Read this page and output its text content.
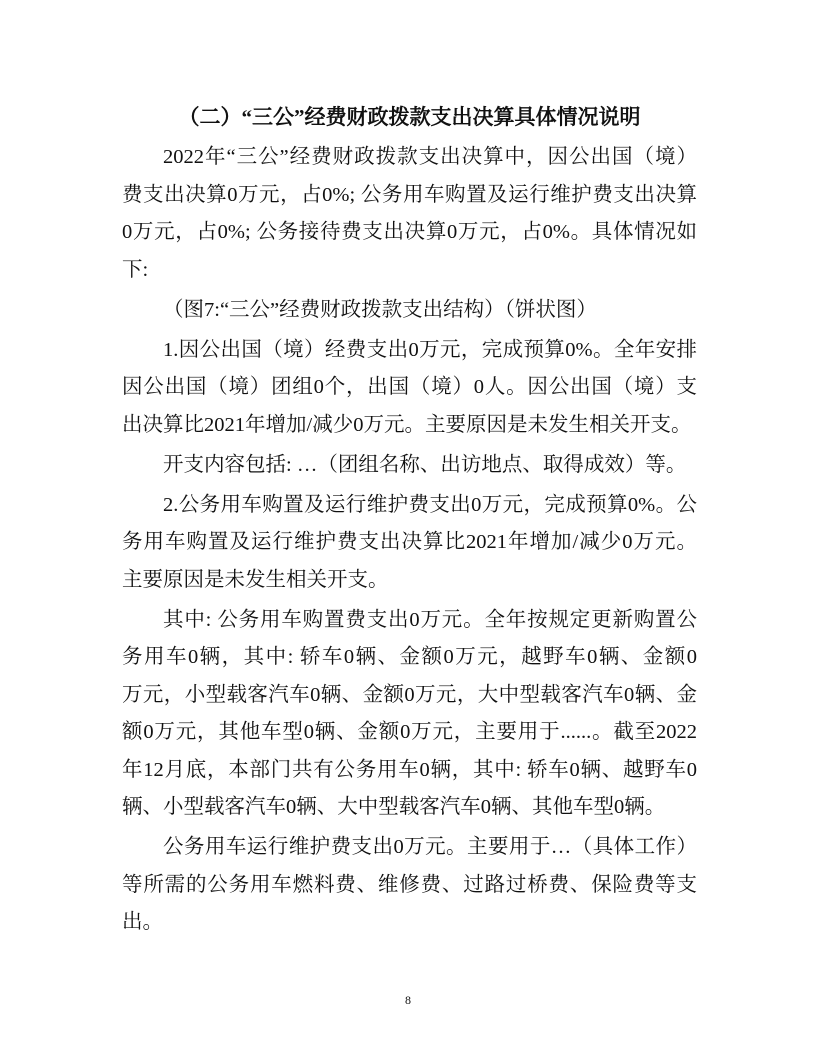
（二）“三公”经费财政拨款支出决算具体情况说明
2022年“三公”经费财政拨款支出决算中，因公出国（境）
费支出决算0万元，占0%; 公务用车购置及运行维护费支出决算
0万元，占0%; 公务接待费支出决算0万元，占0%。具体情况如
下:
（图7:“三公”经费财政拨款支出结构）（饼状图）
1.因公出国（境）经费支出0万元，完成预算0%。全年安排
因公出国（境）团组0个，出国（境）0人。因公出国（境）支
出决算比2021年增加/减少0万元。主要原因是未发生相关开支。
开支内容包括: …（团组名称、出访地点、取得成效）等。
2.公务用车购置及运行维护费支出0万元，完成预算0%。公
务用车购置及运行维护费支出决算比2021年增加/减少0万元。
主要原因是未发生相关开支。
其中: 公务用车购置费支出0万元。全年按规定更新购置公
务用车0辆，其中: 轿车0辆、金额0万元，越野车0辆、金额0
万元，小型载客汽车0辆、金额0万元，大中型载客汽车0辆、金
额0万元，其他车型0辆、金额0万元，主要用于......。截至2022
年12月底，本部门共有公务用车0辆，其中: 轿车0辆、越野车0
辆、小型载客汽车0辆、大中型载客汽车0辆、其他车型0辆。
公务用车运行维护费支出0万元。主要用于…（具体工作）
等所需的公务用车燃料费、维修费、过路过桥费、保险费等支
出。
8
